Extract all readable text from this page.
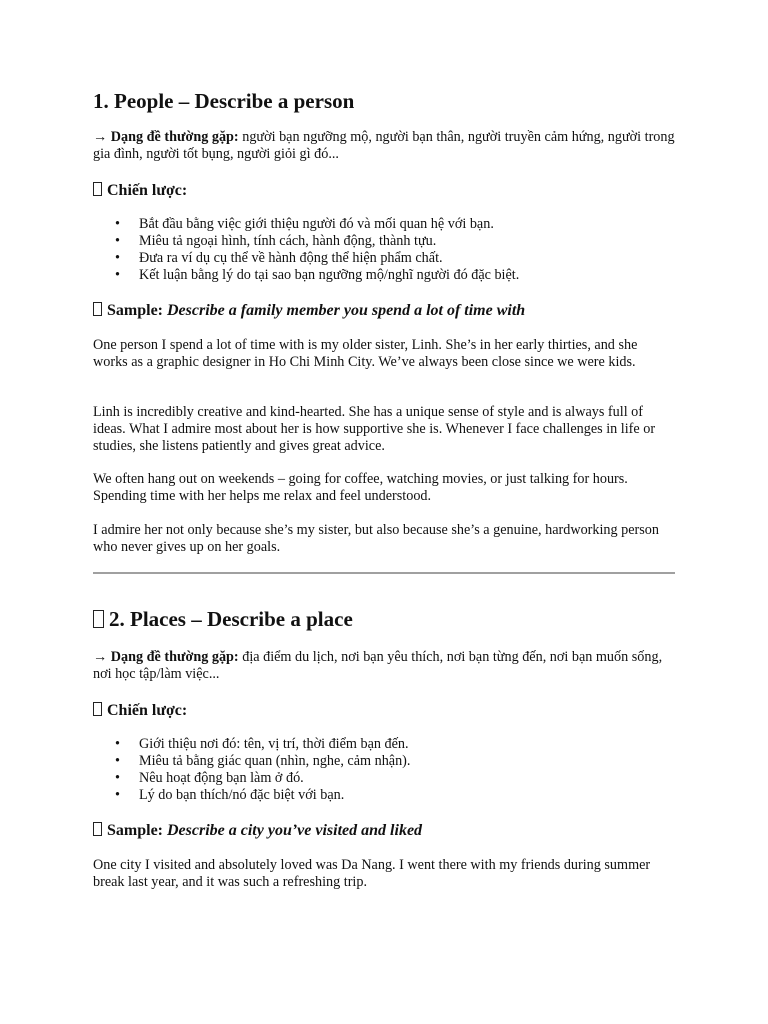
1. People – Describe a person

→ Dạng đề thường gặp: người bạn ngưỡng mộ, người bạn thân, người truyền cảm hứng, người trong gia đình, người tốt bụng, người giỏi gì đó...

Chiến lược:

• Bắt đầu bằng việc giới thiệu người đó và mối quan hệ với bạn.
• Miêu tả ngoại hình, tính cách, hành động, thành tựu.
• Đưa ra ví dụ cụ thể về hành động thể hiện phẩm chất.
• Kết luận bằng lý do tại sao bạn ngưỡng mộ/nghĩ người đó đặc biệt.

Sample: Describe a family member you spend a lot of time with

One person I spend a lot of time with is my older sister, Linh. She’s in her early thirties, and she works as a graphic designer in Ho Chi Minh City. We’ve always been close since we were kids.

Linh is incredibly creative and kind-hearted. She has a unique sense of style and is always full of ideas. What I admire most about her is how supportive she is. Whenever I face challenges in life or studies, she listens patiently and gives great advice.

We often hang out on weekends – going for coffee, watching movies, or just talking for hours. Spending time with her helps me relax and feel understood.

I admire her not only because she’s my sister, but also because she’s a genuine, hardworking person who never gives up on her goals.

2. Places – Describe a place

→ Dạng đề thường gặp: địa điểm du lịch, nơi bạn yêu thích, nơi bạn từng đến, nơi bạn muốn sống, nơi học tập/làm việc...

Chiến lược:

• Giới thiệu nơi đó: tên, vị trí, thời điểm bạn đến.
• Miêu tả bằng giác quan (nhìn, nghe, cảm nhận).
• Nêu hoạt động bạn làm ở đó.
• Lý do bạn thích/nó đặc biệt với bạn.

Sample: Describe a city you’ve visited and liked

One city I visited and absolutely loved was Da Nang. I went there with my friends during summer break last year, and it was such a refreshing trip.
